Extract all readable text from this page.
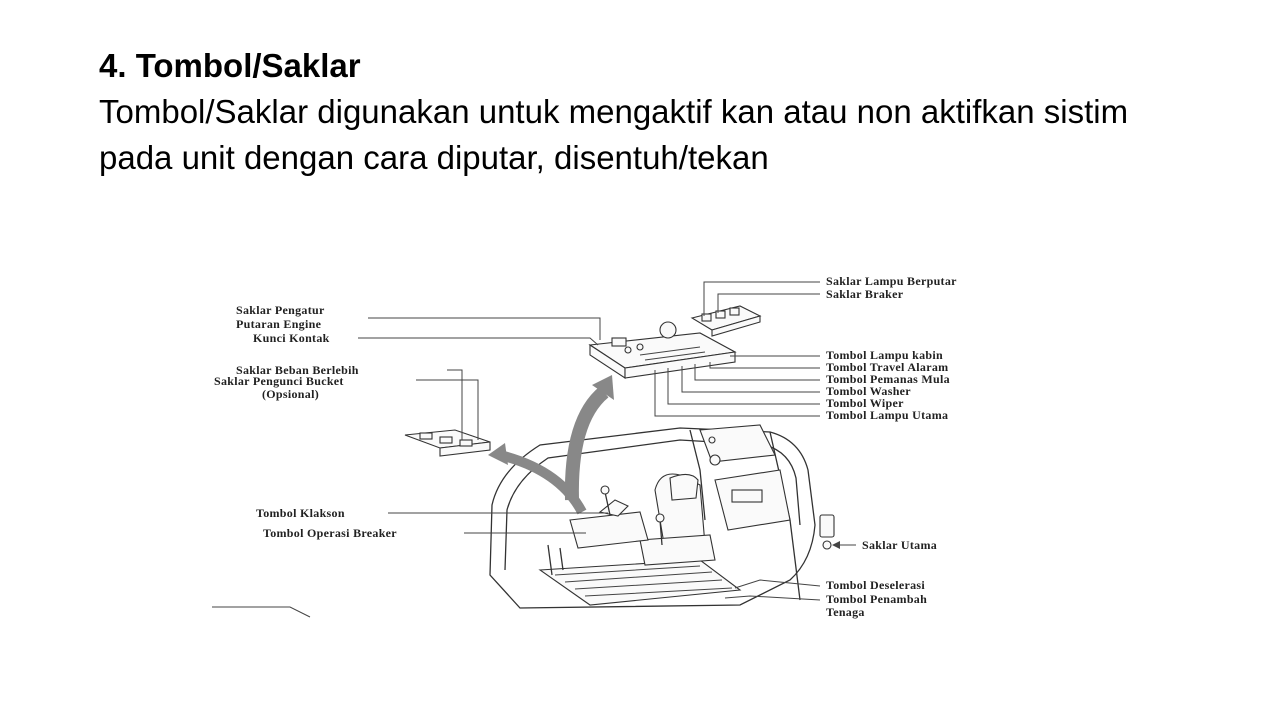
4. Tombol/Saklar

Tombol/Saklar digunakan untuk mengaktif kan atau non aktifkan sistim pada unit dengan cara diputar, disentuh/tekan

Saklar Pengatur
Putaran Engine
Kunci Kontak
Saklar Beban Berlebih
Saklar Pengunci Bucket
(Opsional)
Tombol Klakson
Tombol Operasi Breaker
Saklar Lampu Berputar
Saklar Braker
Tombol Lampu kabin
Tombol Travel Alaram
Tombol Pemanas Mula
Tombol Washer
Tombol Wiper
Tombol Lampu Utama
Saklar Utama
Tombol Deselerasi
Tombol Penambah
Tenaga
